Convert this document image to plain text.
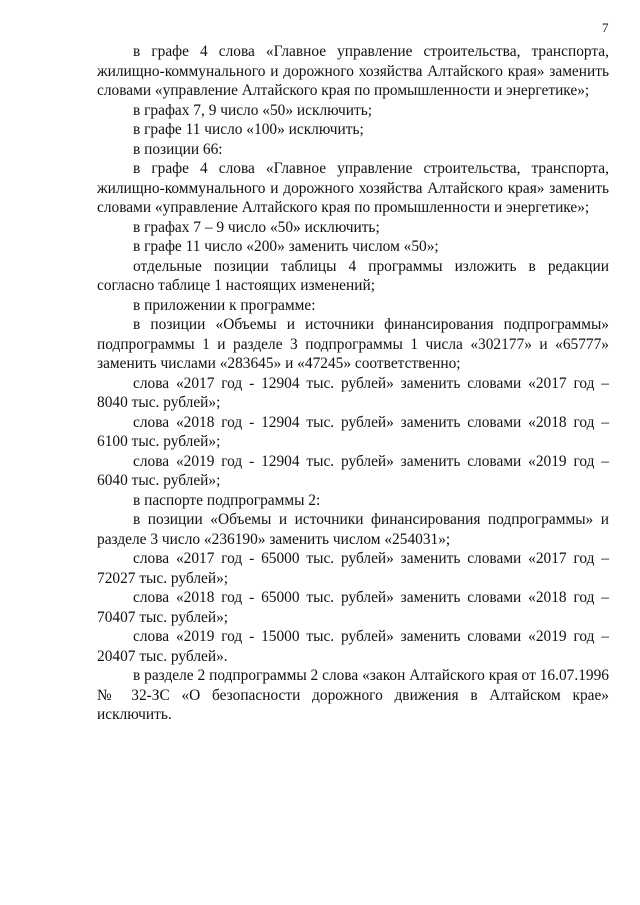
7

в графе 4 слова «Главное управление строительства, транспорта, жилищно-коммунального и дорожного хозяйства Алтайского края» заменить словами «управление Алтайского края по промышленности и энергетике»;

в графах 7, 9 число «50» исключить;

в графе 11 число «100» исключить;

в позиции 66:

в графе 4 слова «Главное управление строительства, транспорта, жилищно-коммунального и дорожного хозяйства Алтайского края» заменить словами «управление Алтайского края по промышленности и энергетике»;

в графах 7 – 9 число «50» исключить;

в графе 11 число «200» заменить числом «50»;

отдельные позиции таблицы 4 программы изложить в редакции согласно таблице 1 настоящих изменений;

в приложении к программе:

в позиции «Объемы и источники финансирования подпрограммы» подпрограммы 1 и разделе 3 подпрограммы 1 числа «302177» и «65777» заменить числами «283645» и «47245» соответственно;

слова «2017 год - 12904 тыс. рублей» заменить словами «2017 год – 8040 тыс. рублей»;

слова «2018 год - 12904 тыс. рублей» заменить словами «2018 год – 6100 тыс. рублей»;

слова «2019 год - 12904 тыс. рублей» заменить словами «2019 год – 6040 тыс. рублей»;

в паспорте подпрограммы 2:

в позиции «Объемы и источники финансирования подпрограммы» и разделе 3 число «236190» заменить числом «254031»;

слова «2017 год - 65000 тыс. рублей» заменить словами «2017 год – 72027 тыс. рублей»;

слова «2018 год - 65000 тыс. рублей» заменить словами «2018 год – 70407 тыс. рублей»;

слова «2019 год - 15000 тыс. рублей» заменить словами «2019 год – 20407 тыс. рублей».

в разделе 2 подпрограммы 2 слова «закон Алтайского края от 16.07.1996 № 32-ЗС «О безопасности дорожного движения в Алтайском крае» исключить.
